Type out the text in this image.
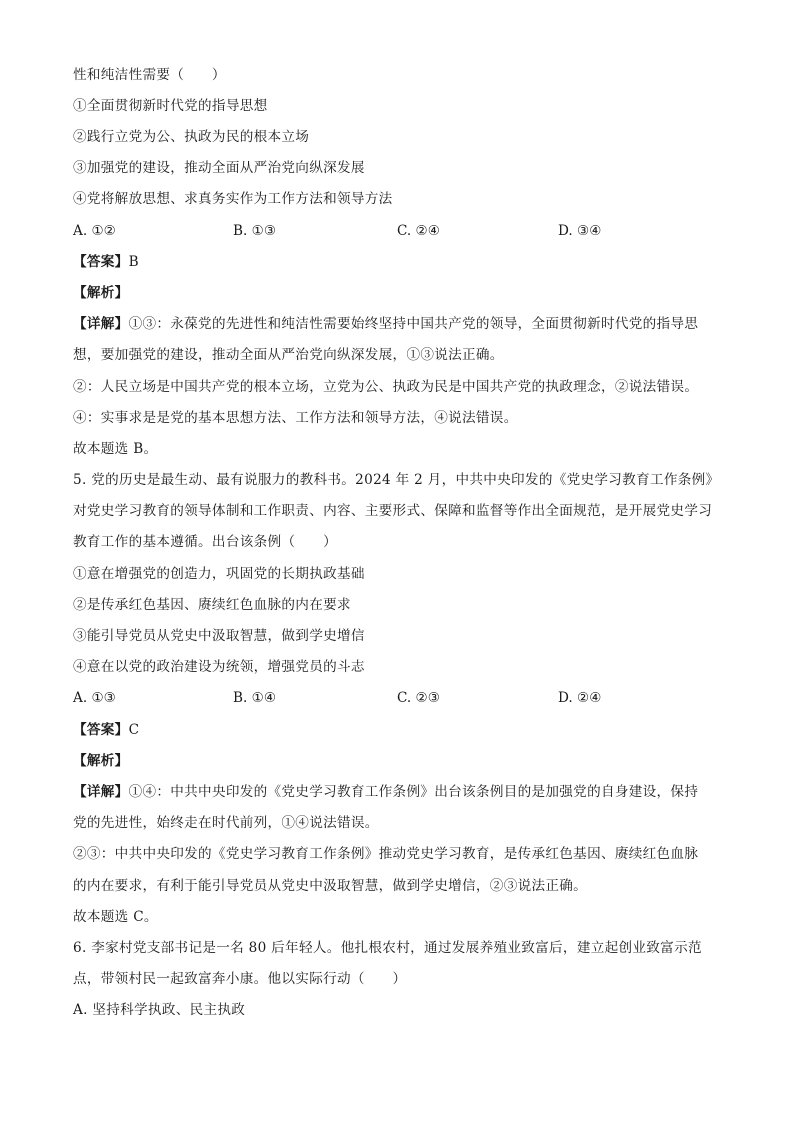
性和纯洁性需要（　　）
①全面贯彻新时代党的指导思想
②践行立党为公、执政为民的根本立场
③加强党的建设，推动全面从严治党向纵深发展
④党将解放思想、求真务实作为工作方法和领导方法
A. ①②	B. ①③	C. ②④	D. ③④
【答案】B
【解析】
【详解】①③：永葆党的先进性和纯洁性需要始终坚持中国共产党的领导，全面贯彻新时代党的指导思
想，要加强党的建设，推动全面从严治党向纵深发展，①③说法正确。
②：人民立场是中国共产党的根本立场，立党为公、执政为民是中国共产党的执政理念，②说法错误。
④：实事求是是党的基本思想方法、工作方法和领导方法，④说法错误。
故本题选 B。
5. 党的历史是最生动、最有说服力的教科书。2024 年 2 月，中共中央印发的《党史学习教育工作条例》
对党史学习教育的领导体制和工作职责、内容、主要形式、保障和监督等作出全面规范，是开展党史学习
教育工作的基本遵循。出台该条例（　　）
①意在增强党的创造力，巩固党的长期执政基础
②是传承红色基因、赓续红色血脉的内在要求
③能引导党员从党史中汲取智慧，做到学史增信
④意在以党的政治建设为统领，增强党员的斗志
A. ①③	B. ①④	C. ②③	D. ②④
【答案】C
【解析】
【详解】①④：中共中央印发的《党史学习教育工作条例》出台该条例目的是加强党的自身建设，保持
党的先进性，始终走在时代前列，①④说法错误。
②③：中共中央印发的《党史学习教育工作条例》推动党史学习教育，是传承红色基因、赓续红色血脉
的内在要求，有利于能引导党员从党史中汲取智慧，做到学史增信，②③说法正确。
故本题选 C。
6. 李家村党支部书记是一名 80 后年轻人。他扎根农村，通过发展养殖业致富后，建立起创业致富示范
点，带领村民一起致富奔小康。他以实际行动（　　）
A. 坚持科学执政、民主执政
